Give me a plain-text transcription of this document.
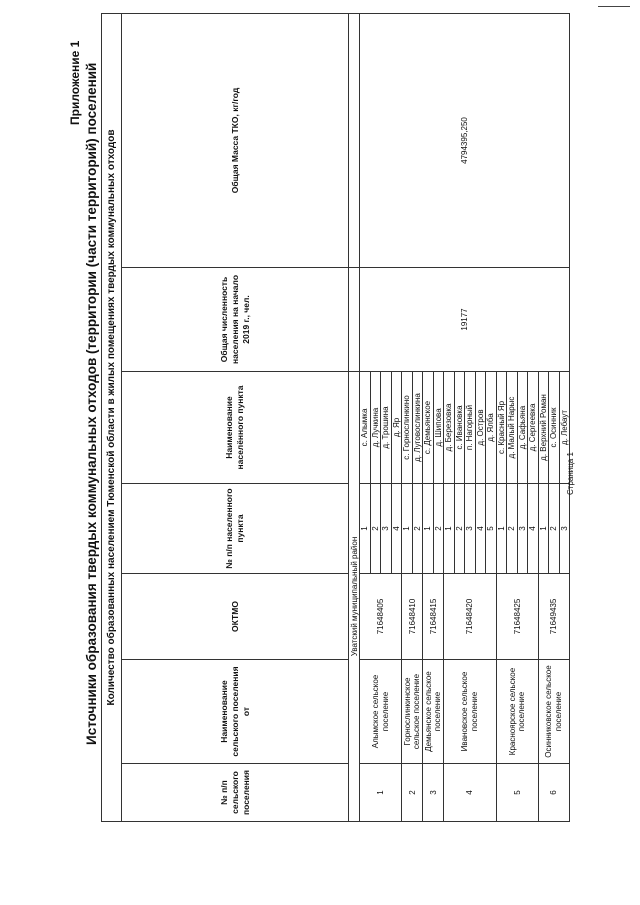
Приложение 1 Источники образования твердых коммунальных отходов (территории (части территорий) поселений Количество образованных населением Тюменской области в жилых помещениях твердых коммунальных отходов						
№ п/п сельского поселения	Наименование сельского поселения от	ОКТМО	№ п/п населенного пункта	Наименование населённого пункта	Общая численность населения на начало 2019 г., чел.	Общая Масса ТКО, кг/год
Уватский муниципальный район						
1	Алымское сельское поселение	71648405	1	с. Алымка	19177	4794395,250
			2	д. Лучкина		
			3	д. Трошина		
			4	д. Яр		
2	Горнослинкинское сельское поселение	71648410	1	с. Горнослинкино		
			2	д. Луговослинкина		
3	Демьянское сельское поселение	71648415	1	с. Демьянское		
			2	д. Шипова		
4	Ивановское сельское поселение	71648420	1	д. Березовка		
			2	с. Ивановка		
			3	п. Нагорный		
			4	д. Остров		
			5	д. Ялба		
5	Красноярское сельское поселение	71648425	1	с. Красный Яр		
			2	д. Малый Нарыс		
			3	д. Сафьяна		
			4	д. Сергеевка		
6	Осинниковское сельское поселение	71649435	1	д. Верхний Роман		
			2	с. Осинник		
			3	д. Лебаут		
Страница 1
